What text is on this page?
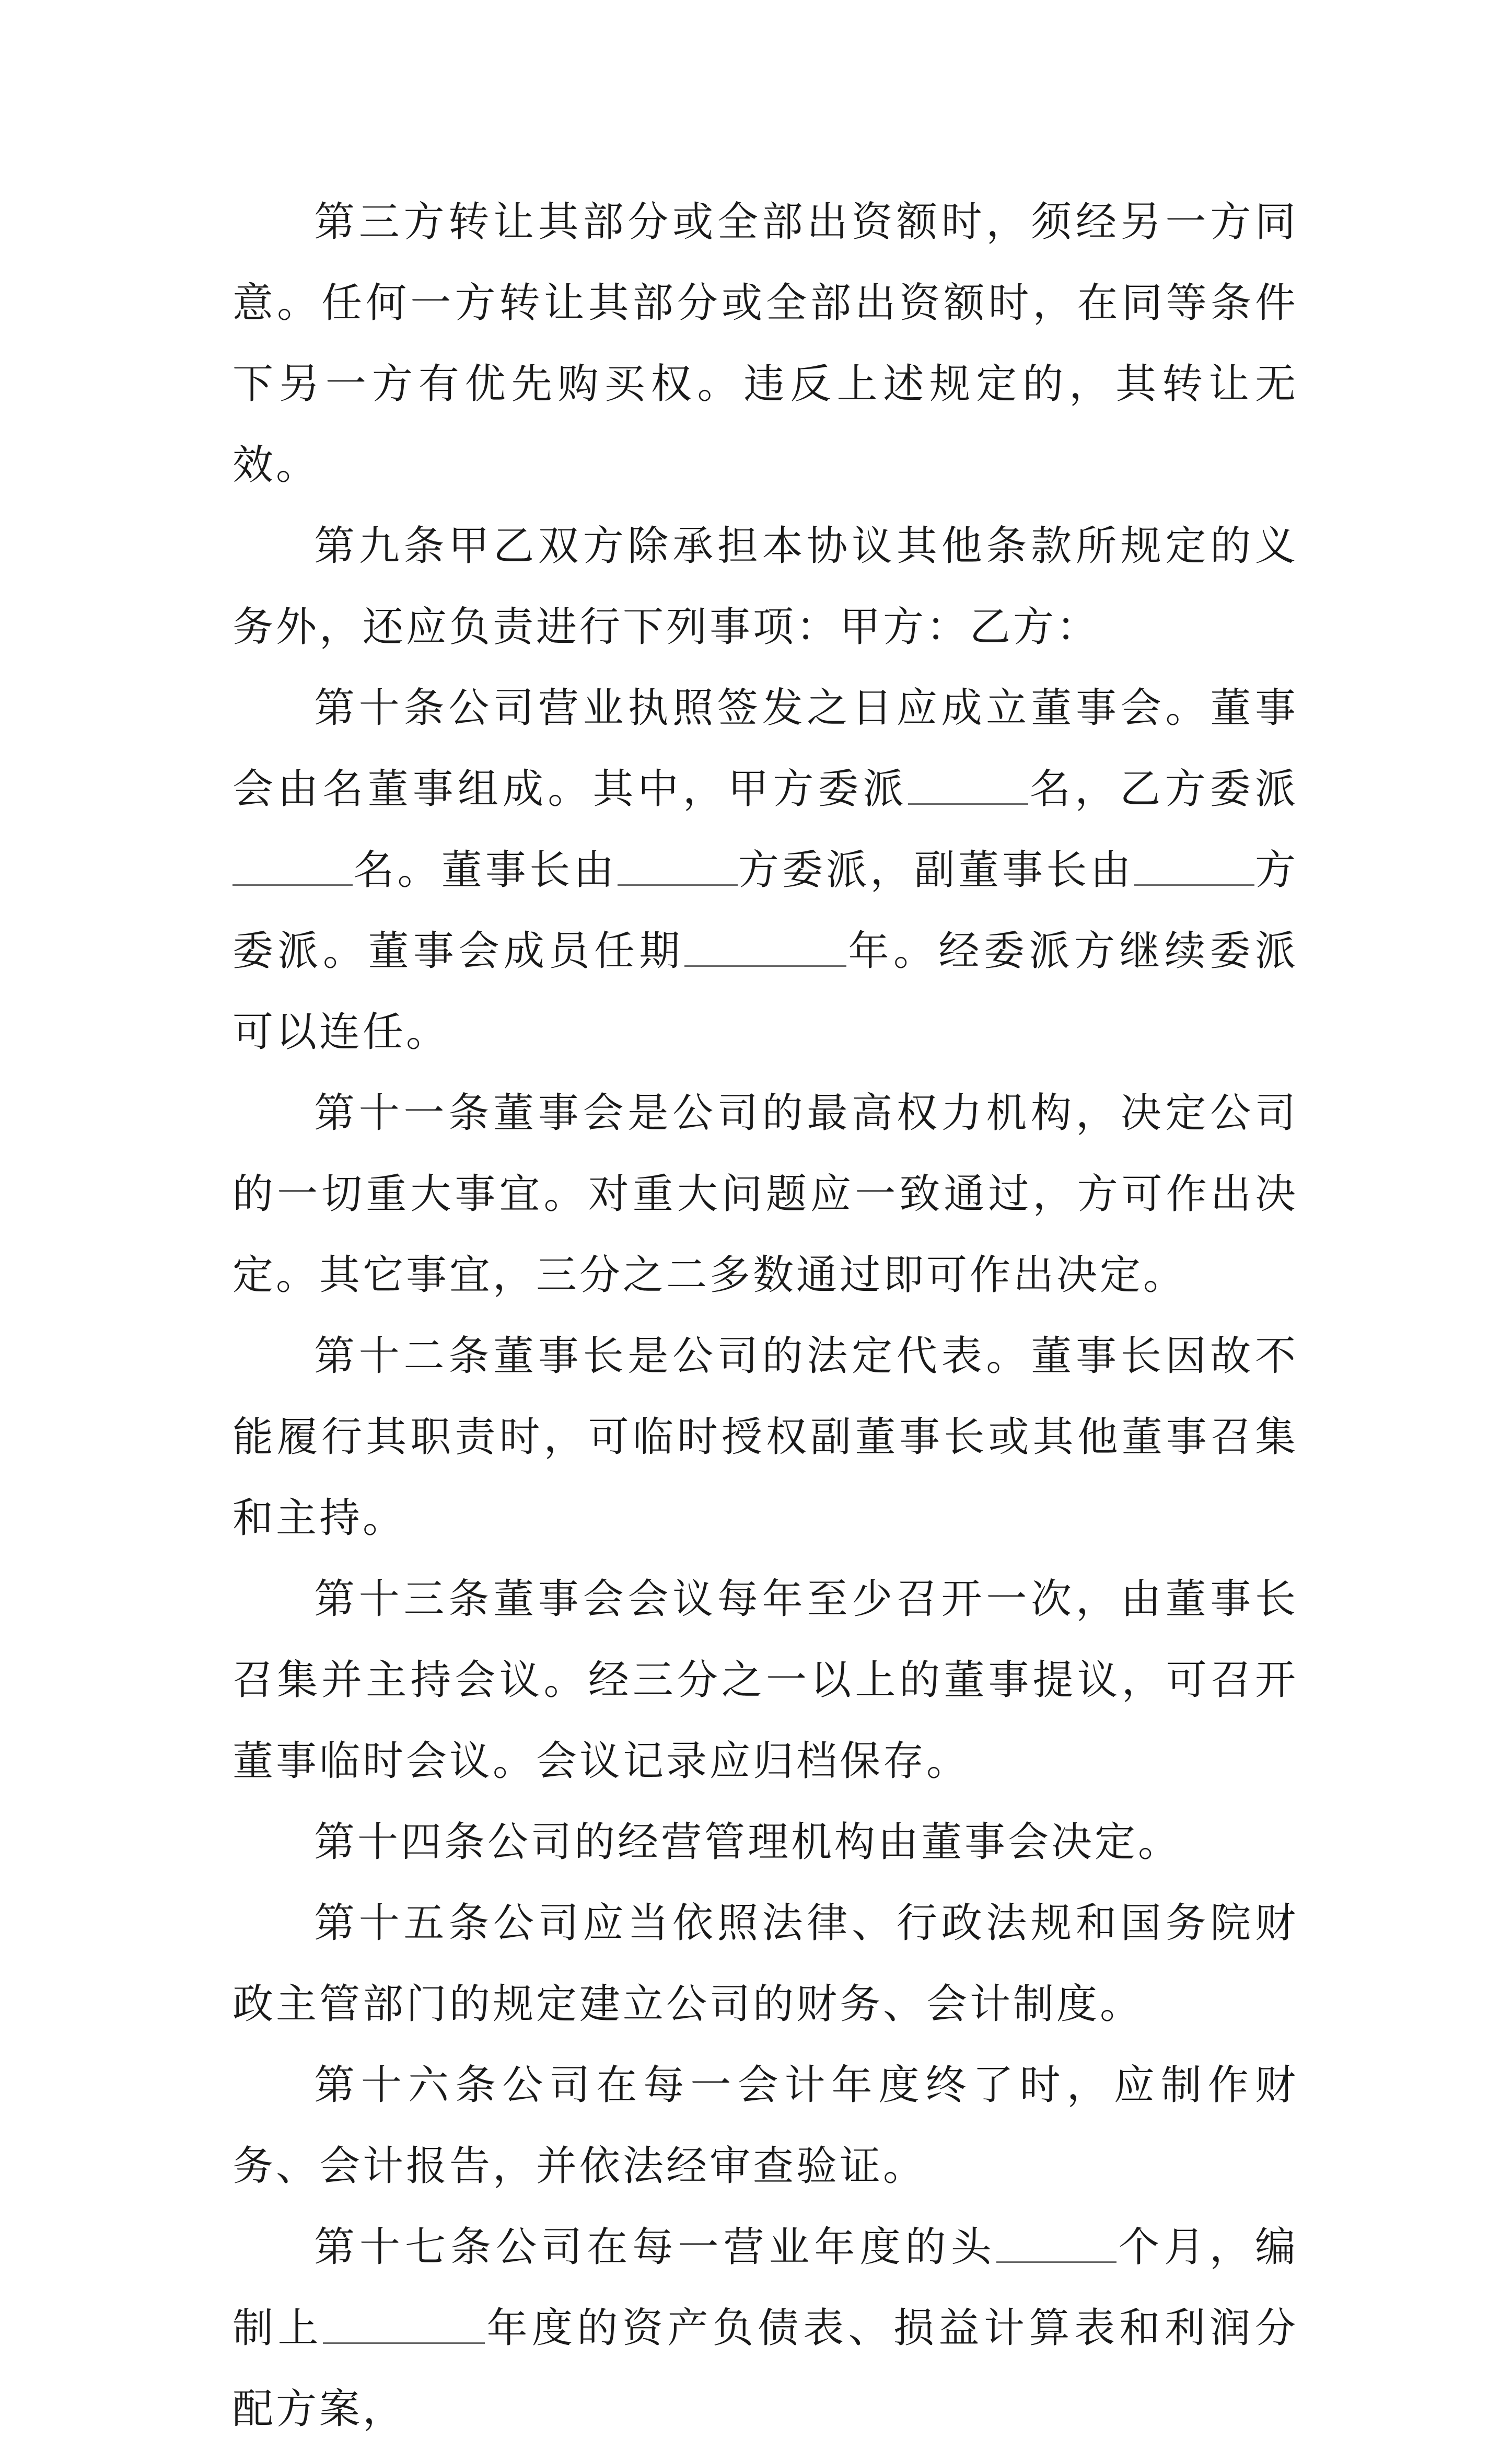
第三方转让其部分或全部出资额时，须经另一方同意。任何一方转让其部分或全部出资额时，在同等条件下另一方有优先购买权。违反上述规定的，其转让无效。

第九条甲乙双方除承担本协议其他条款所规定的义务外，还应负责进行下列事项：甲方：乙方：

第十条公司营业执照签发之日应成立董事会。董事会由名董事组成。其中，甲方委派	名，乙方委派名。董事长由	方委派，副董事长由	方委派。董事会成员任期	年。经委派方继续委派可以连任。

第十一条董事会是公司的最高权力机构，决定公司的一切重大事宜。对重大问题应一致通过，方可作出决定。其它事宜，三分之二多数通过即可作出决定。

第十二条董事长是公司的法定代表。董事长因故不能履行其职责时，可临时授权副董事长或其他董事召集和主持。

第十三条董事会会议每年至少召开一次，由董事长召集并主持会议。经三分之一以上的董事提议，可召开董事临时会议。会议记录应归档保存。

第十四条公司的经营管理机构由董事会决定。

第十五条公司应当依照法律、行政法规和国务院财政主管部门的规定建立公司的财务、会计制度。

第十六条公司在每一会计年度终了时，应制作财务、会计报告，并依法经审查验证。

第十七条公司在每一营业年度的头	个月，编制上	年度的资产负债表、损益计算表和利润分配方案，
